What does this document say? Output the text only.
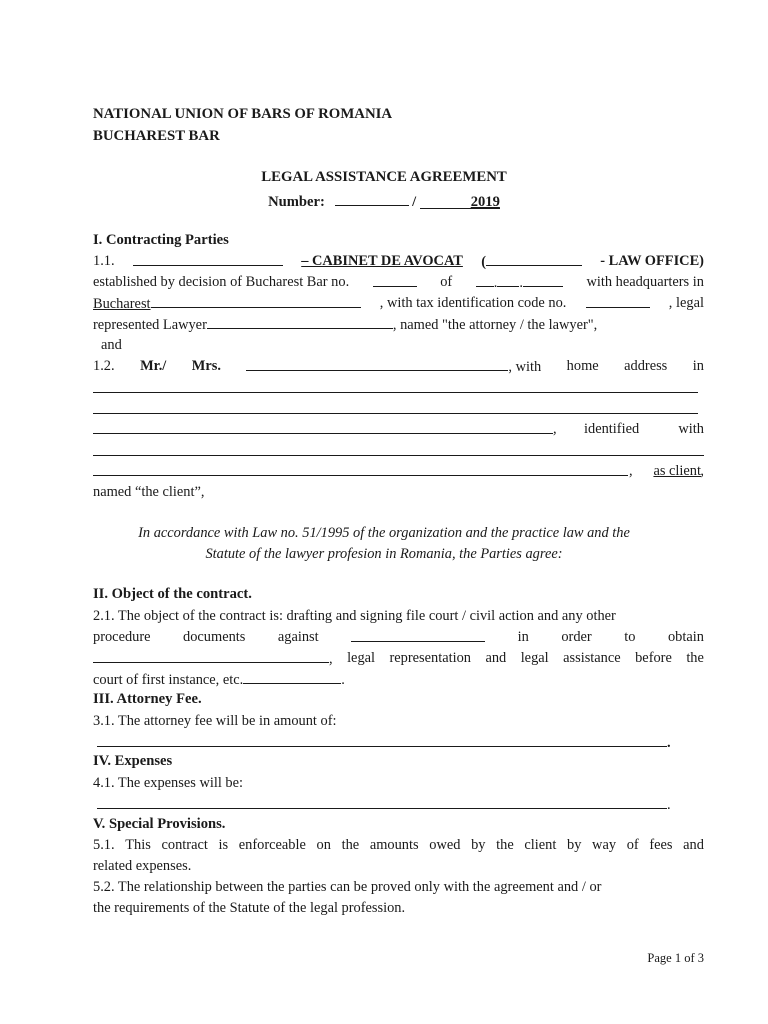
NATIONAL UNION OF BARS OF ROMANIA
BUCHAREST BAR
LEGAL ASSISTANCE AGREEMENT
Number:	/	2019
I. Contracting Parties
1.1.	– CABINET DE AVOCAT (	- LAW OFFICE)
established by decision of Bucharest Bar no.	of	. .	with headquarters in
Bucharest	, with tax identification code no.	, legal
represented Lawyer	, named "the attorney / the lawyer",
and
1.2. Mr./ Mrs.	, with home address in
, identified	with
, as client ,
named “the client”,
In accordance with Law no. 51/1995 of the organization and the practice law and the
Statute of the lawyer profesion in Romania, the Parties agree:
II. Object of the contract.
2.1. The object of the contract is: drafting and signing file court / civil action and any other
procedure documents against	in order to obtain
, legal representation and legal assistance before the
court of first instance, etc.	.
III. Attorney Fee.
3.1. The attorney fee will be in amount of:
.
IV. Expenses
4.1. The expenses will be:
.
V. Special Provisions.
5.1. This contract is enforceable on the amounts owed by the client by way of fees and
related expenses.
5.2. The relationship between the parties can be proved only with the agreement and / or
the requirements of the Statute of the legal profession.
Page 1 of 3
